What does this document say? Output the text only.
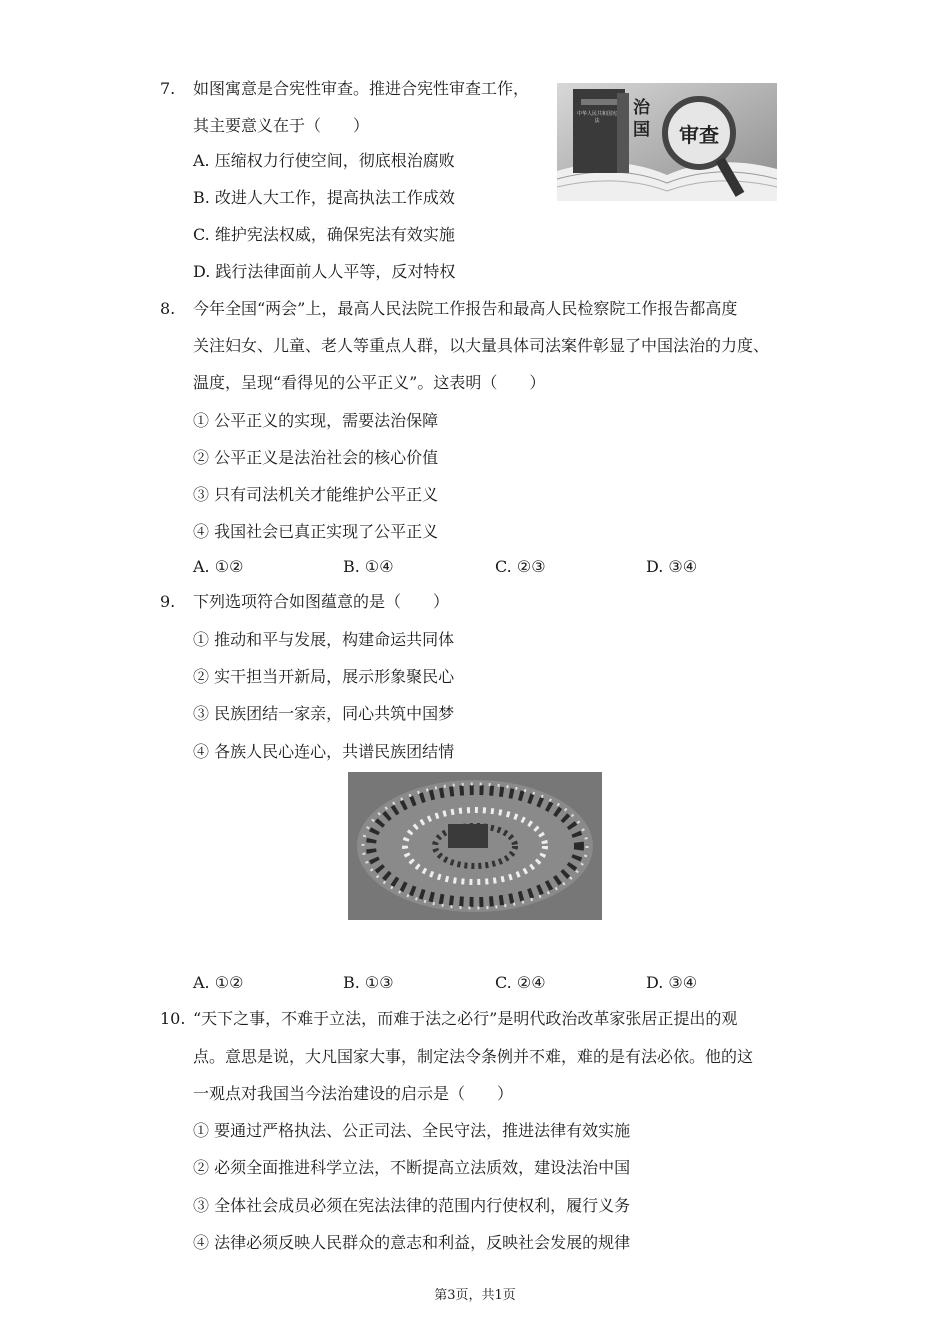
7. 如图寓意是合宪性审查。推进合宪性审查工作，
其主要意义在于（　　）
A. 压缩权力行使空间，彻底根治腐败
B. 改进人大工作，提高执法工作成效
C. 维护宪法权威，确保宪法有效实施
D. 践行法律面前人人平等，反对特权
治国
中华人民共和国宪法
审查
8. 今年全国“两会”上，最高人民法院工作报告和最高人民检察院工作报告都高度
关注妇女、儿童、老人等重点人群，以大量具体司法案件彰显了中国法治的力度、
温度，呈现“看得见的公平正义”。这表明（　　）
① 公平正义的实现，需要法治保障
② 公平正义是法治社会的核心价值
③ 只有司法机关才能维护公平正义
④ 我国社会已真正实现了公平正义
A. ①②	B. ①④	C. ②③	D. ③④
9. 下列选项符合如图蕴意的是（　　）
① 推动和平与发展，构建命运共同体
② 实干担当开新局，展示形象聚民心
③ 民族团结一家亲，同心共筑中国梦
④ 各族人民心连心，共谱民族团结情
A. ①②	B. ①③	C. ②④	D. ③④
10. “天下之事，不难于立法，而难于法之必行”是明代政治改革家张居正提出的观
点。意思是说，大凡国家大事，制定法令条例并不难，难的是有法必依。他的这
一观点对我国当今法治建设的启示是（　　）
① 要通过严格执法、公正司法、全民守法，推进法律有效实施
② 必须全面推进科学立法，不断提高立法质效，建设法治中国
③ 全体社会成员必须在宪法法律的范围内行使权利，履行义务
④ 法律必须反映人民群众的意志和利益，反映社会发展的规律
第3页，共1页
